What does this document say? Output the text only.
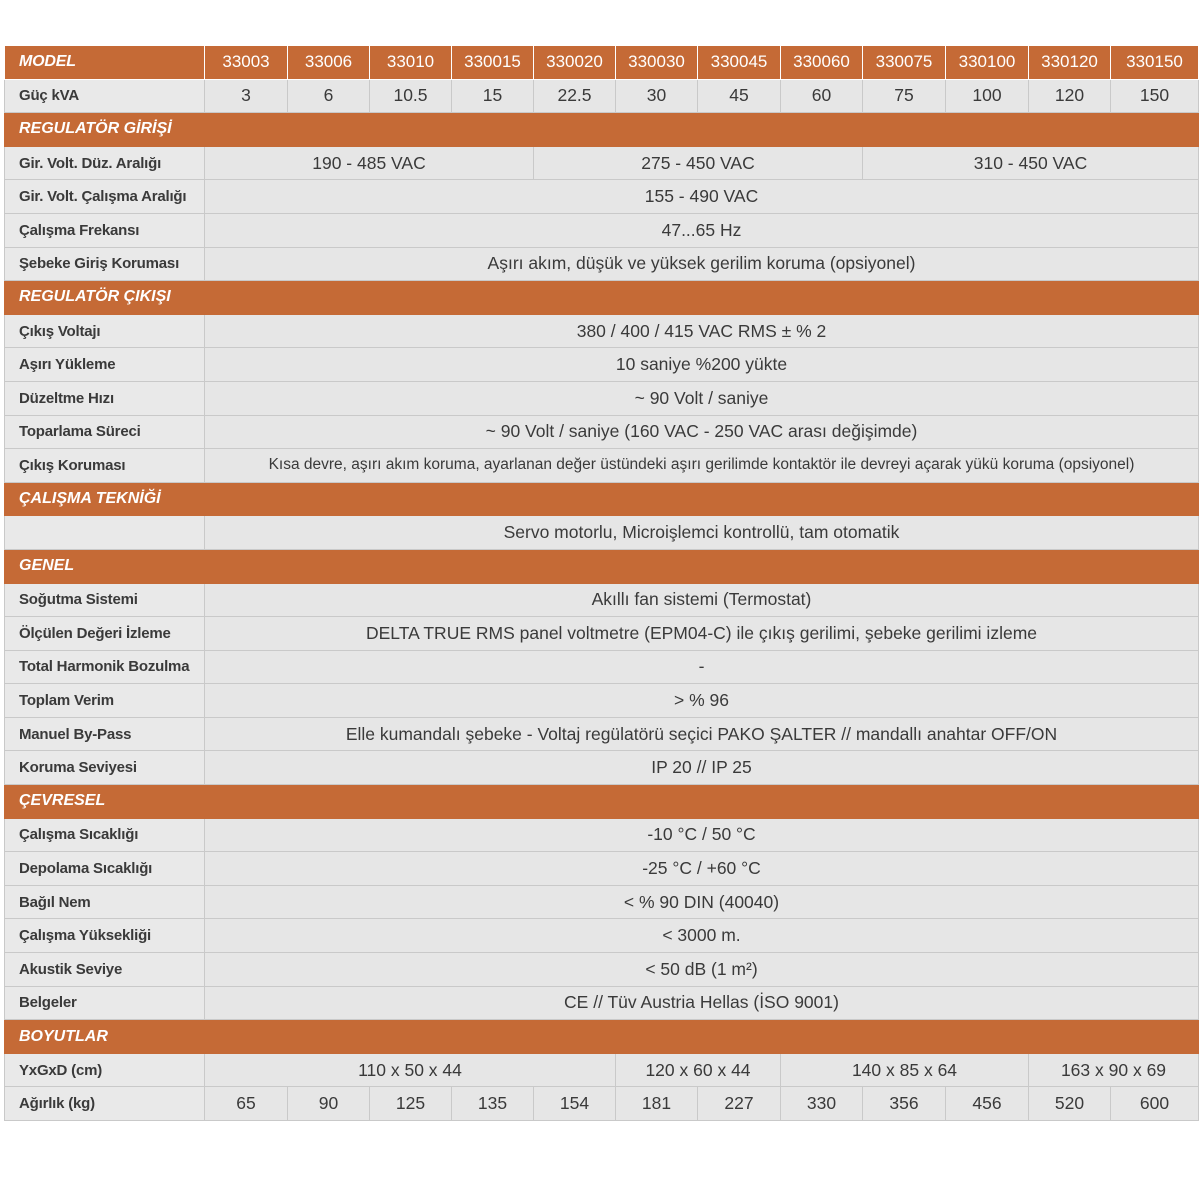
MODEL	33003	33006	33010	330015	330020	330030	330045	330060	330075	330100	330120	330150
Güç kVA	3	6	10.5	15	22.5	30	45	60	75	100	120	150
REGULATÖR GİRİŞİ												
Gir. Volt. Düz. Aralığı	190 - 485 VAC				275 - 450 VAC				310 - 450 VAC			
Gir. Volt. Çalışma Aralığı	155 - 490 VAC											
Çalışma Frekansı	47...65 Hz											
Şebeke Giriş Koruması	Aşırı akım, düşük ve yüksek gerilim koruma (opsiyonel)											
REGULATÖR ÇIKIŞI												
Çıkış Voltajı	380 / 400 / 415 VAC RMS ± % 2											
Aşırı Yükleme	10 saniye %200 yükte											
Düzeltme Hızı	~ 90 Volt / saniye											
Toparlama Süreci	~ 90 Volt / saniye (160 VAC - 250 VAC arası değişimde)											
Çıkış Koruması	Kısa devre, aşırı akım koruma, ayarlanan değer üstündeki aşırı gerilimde kontaktör ile devreyi açarak yükü koruma (opsiyonel)											
ÇALIŞMA TEKNİĞİ												
	Servo motorlu, Microişlemci kontrollü, tam otomatik											
GENEL												
Soğutma Sistemi	Akıllı fan sistemi (Termostat)											
Ölçülen Değeri İzleme	DELTA TRUE RMS panel voltmetre (EPM04-C) ile çıkış gerilimi, şebeke gerilimi izleme											
Total Harmonik Bozulma	-											
Toplam Verim	> % 96											
Manuel By-Pass	Elle kumandalı şebeke - Voltaj regülatörü seçici PAKO ŞALTER // mandallı anahtar OFF/ON											
Koruma Seviyesi	IP 20 // IP 25											
ÇEVRESEL												
Çalışma Sıcaklığı	-10 °C / 50 °C											
Depolama Sıcaklığı	-25 °C / +60 °C											
Bağıl Nem	< % 90 DIN (40040)											
Çalışma Yüksekliği	< 3000 m.											
Akustik Seviye	< 50 dB (1 m²)											
Belgeler	CE // Tüv Austria Hellas (İSO 9001)											
BOYUTLAR												
YxGxD (cm)	110 x 50 x 44					120 x 60 x 44		140 x 85 x 64			163 x 90 x 69	
Ağırlık (kg)	65	90	125	135	154	181	227	330	356	456	520	600
